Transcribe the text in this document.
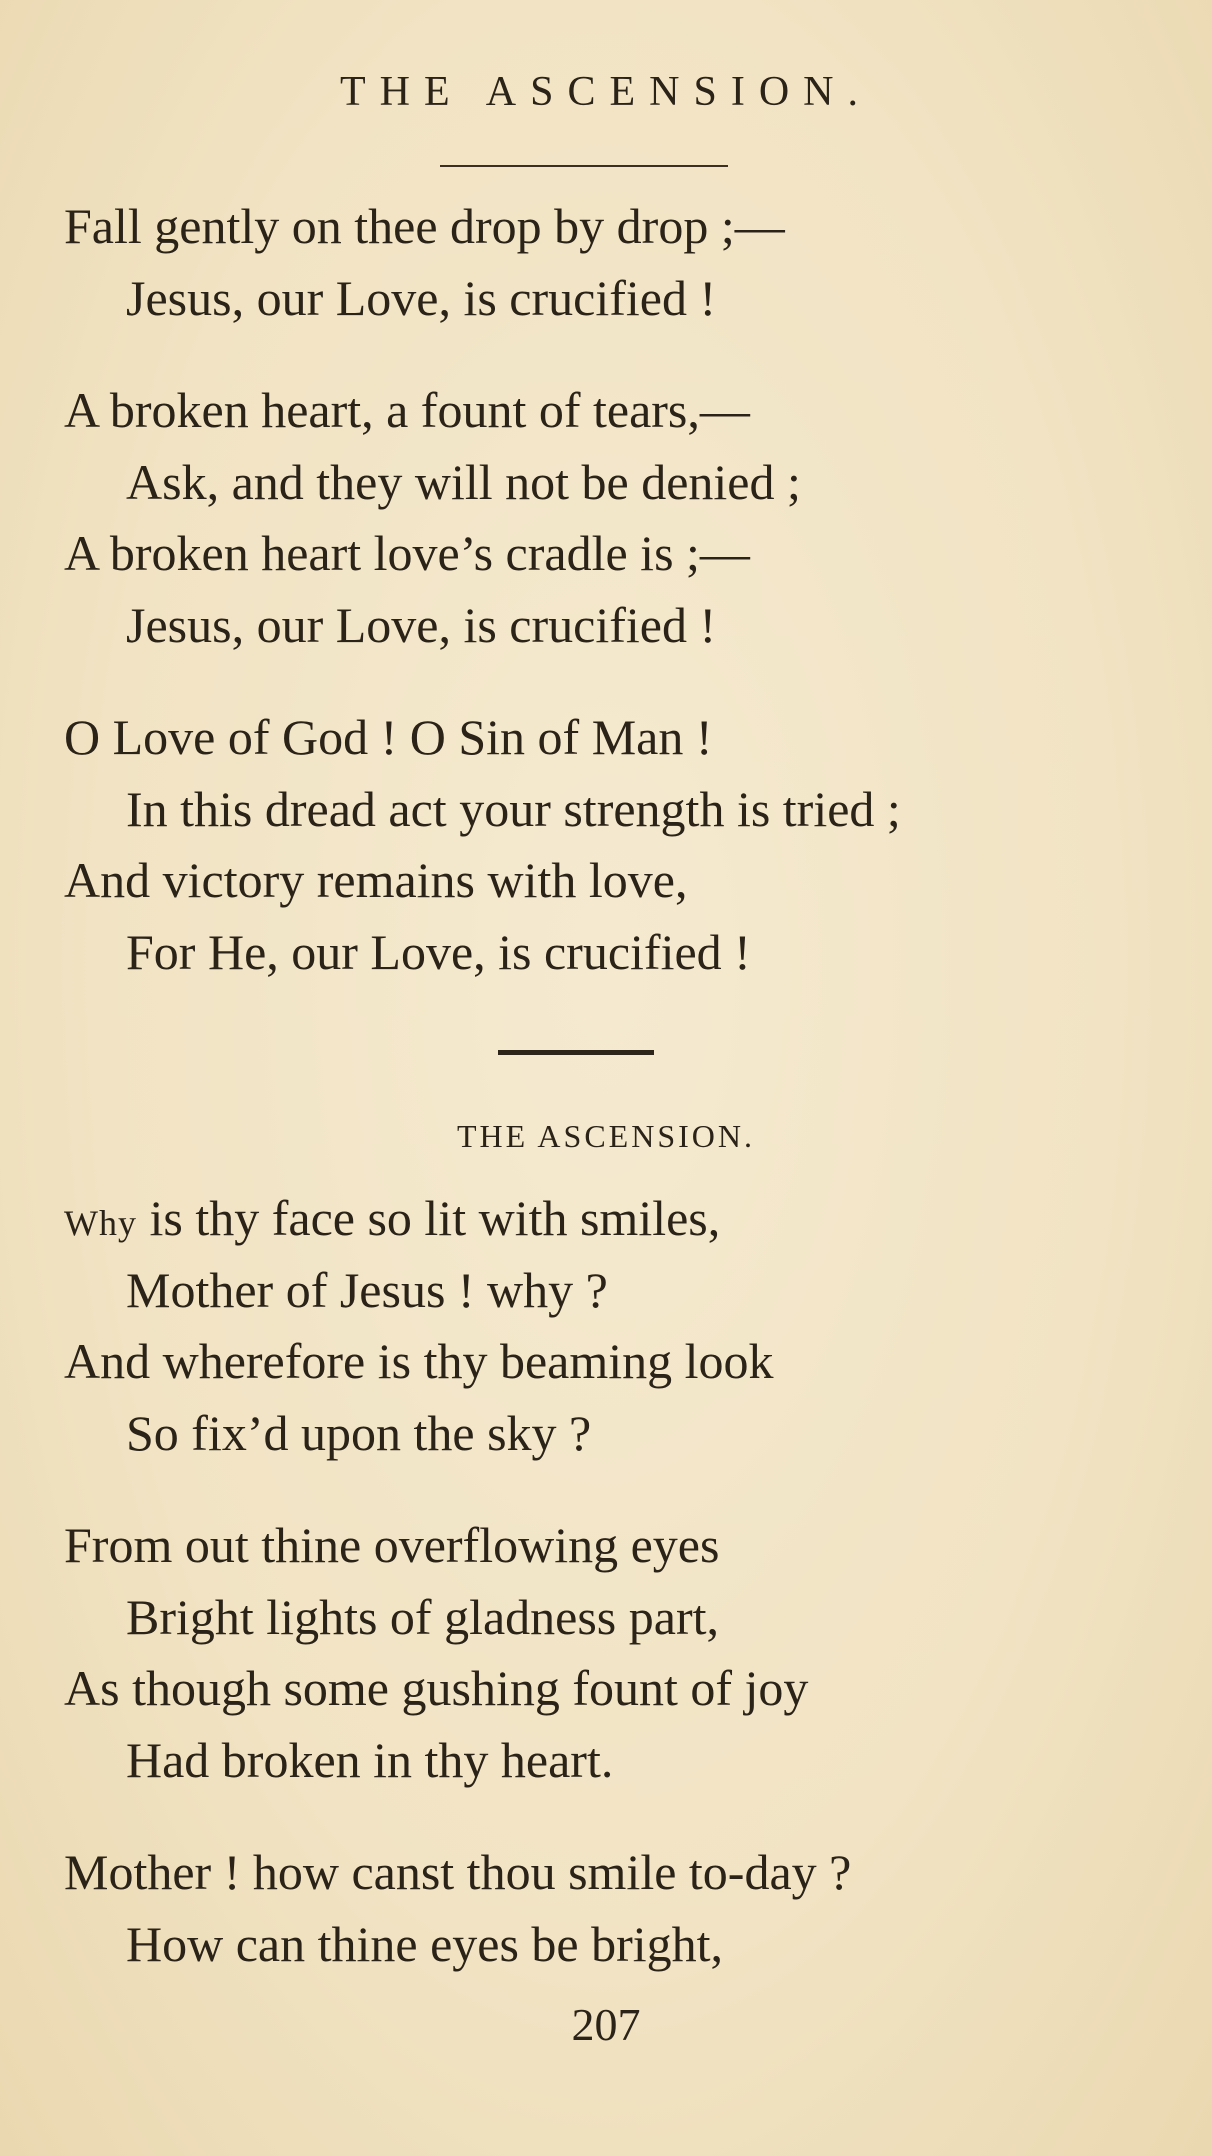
THE ASCENSION.
Fall gently on thee drop by drop ;—
Jesus, our Love, is crucified !
A broken heart, a fount of tears,—
Ask, and they will not be denied ;
A broken heart love’s cradle is ;—
Jesus, our Love, is crucified !
O Love of God ! O Sin of Man !
In this dread act your strength is tried ;
And victory remains with love,
For He, our Love, is crucified !
THE ASCENSION.
Why is thy face so lit with smiles,
Mother of Jesus ! why ?
And wherefore is thy beaming look
So fix’d upon the sky ?
From out thine overflowing eyes
Bright lights of gladness part,
As though some gushing fount of joy
Had broken in thy heart.
Mother ! how canst thou smile to-day ?
How can thine eyes be bright,
207
